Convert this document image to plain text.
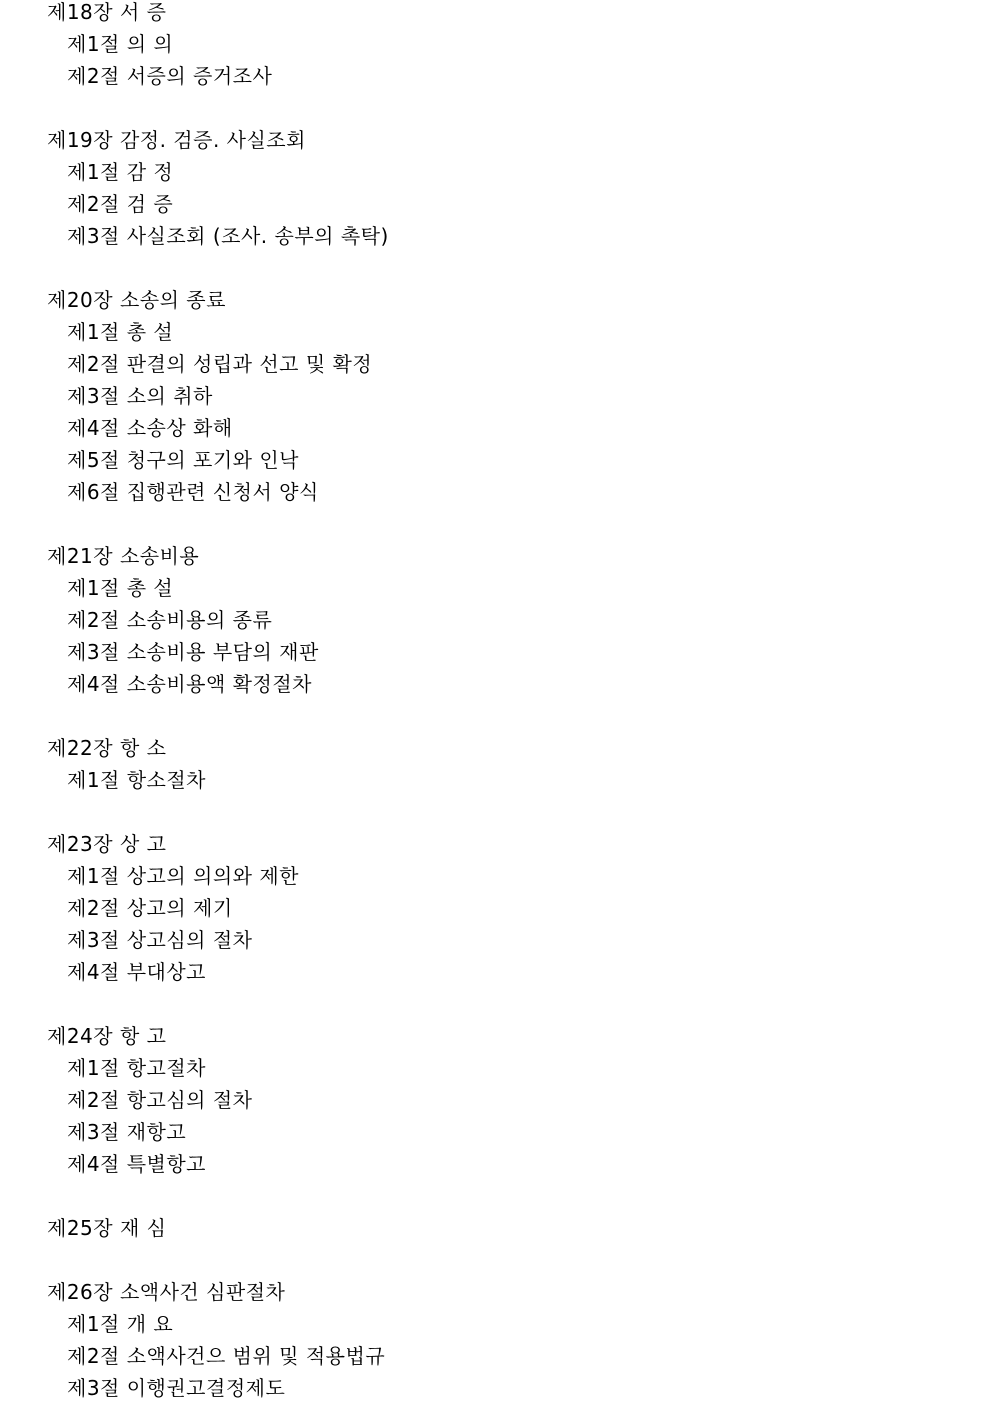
제18장 서 증
제1절 의 의
제2절 서증의 증거조사
제19장 감정. 검증. 사실조회
제1절 감 정
제2절 검 증
제3절 사실조회 (조사. 송부의 촉탁)
제20장 소송의 종료
제1절 총 설
제2절 판결의 성립과 선고 및 확정
제3절 소의 취하
제4절 소송상 화해
제5절 청구의 포기와 인낙
제6절 집행관련 신청서 양식
제21장 소송비용
제1절 총 설
제2절 소송비용의 종류
제3절 소송비용 부담의 재판
제4절 소송비용액 확정절차
제22장 항 소
제1절 항소절차
제23장 상 고
제1절 상고의 의의와 제한
제2절 상고의 제기
제3절 상고심의 절차
제4절 부대상고
제24장 항 고
제1절 항고절차
제2절 항고심의 절차
제3절 재항고
제4절 특별항고
제25장 재 심
제26장 소액사건 심판절차
제1절 개 요
제2절 소액사건으 범위 및 적용법규
제3절 이행권고결정제도
